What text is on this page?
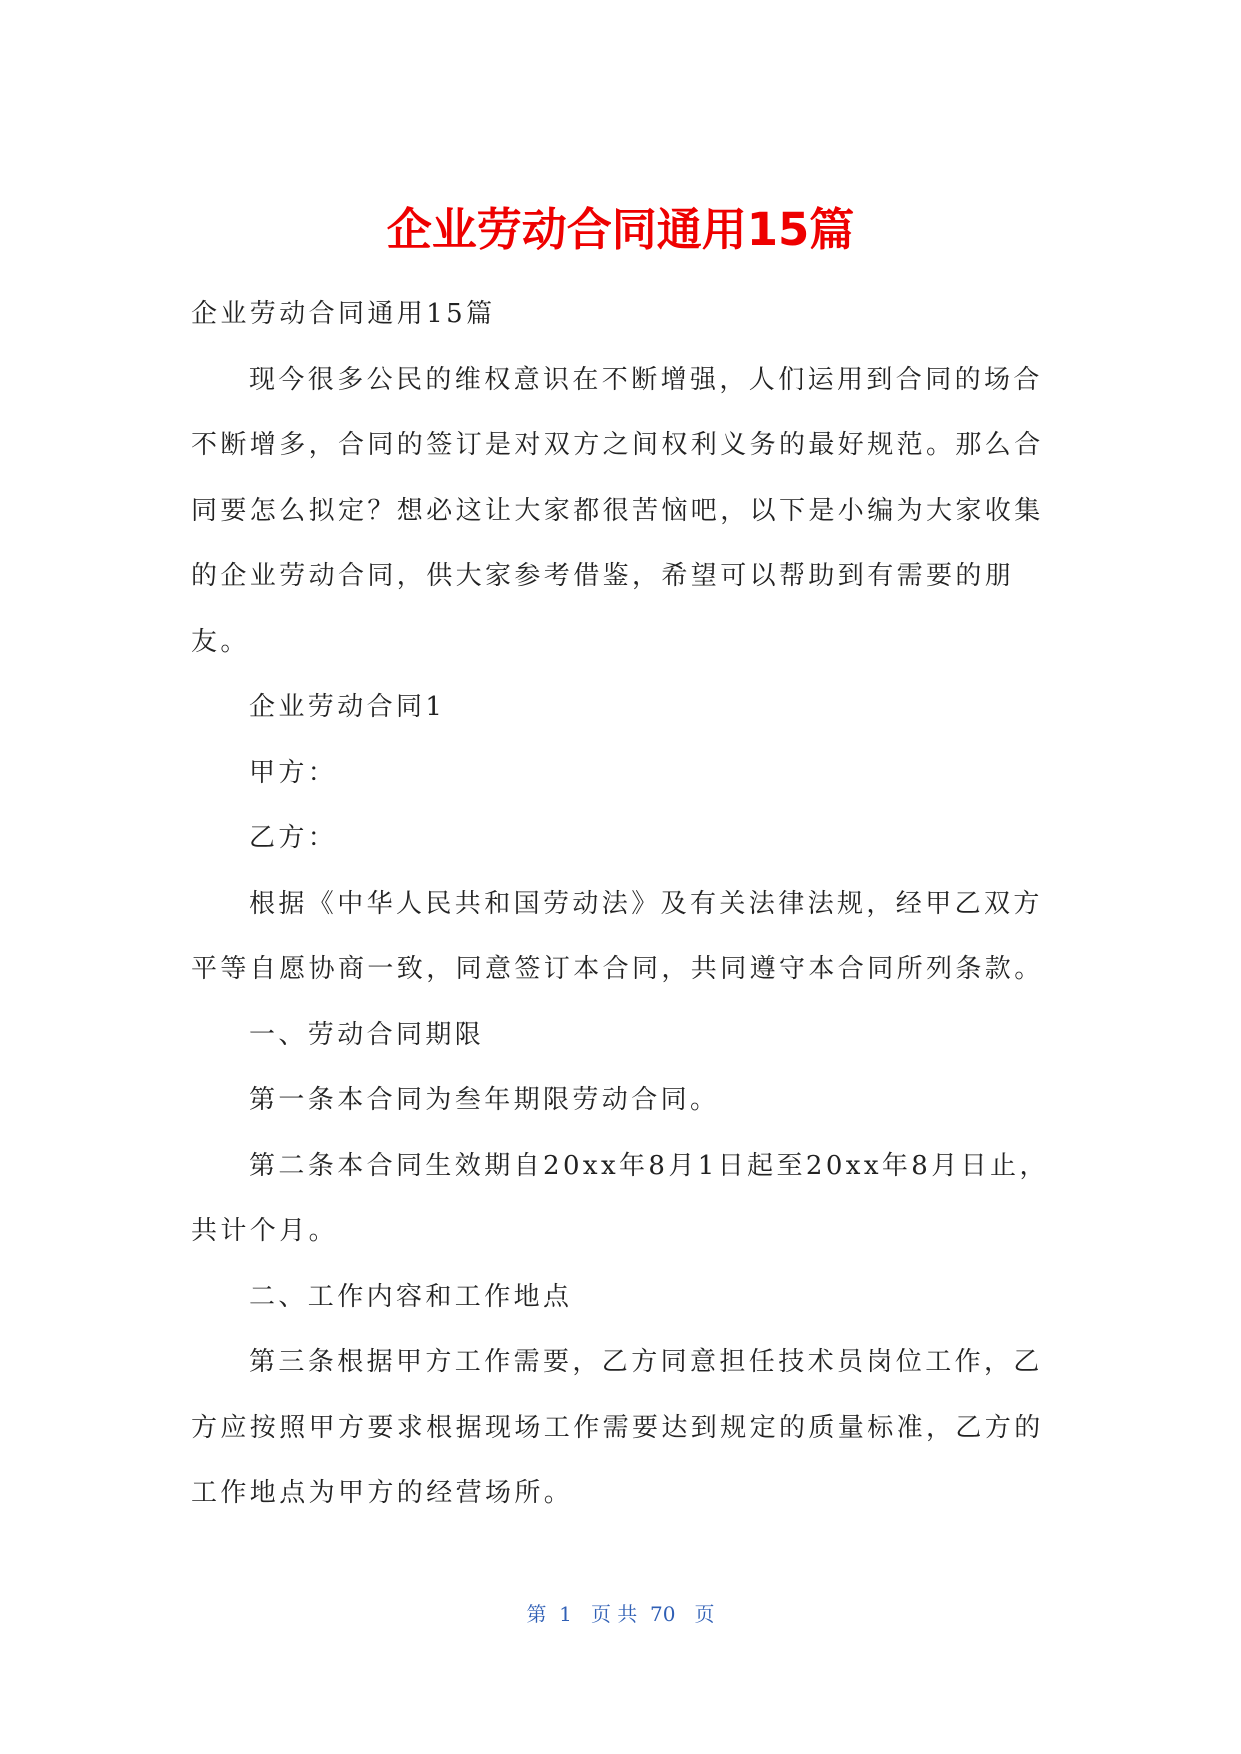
企业劳动合同通用15篇

企业劳动合同通用15篇

现今很多公民的维权意识在不断增强，人们运用到合同的场合不断增多，合同的签订是对双方之间权利义务的最好规范。那么合同要怎么拟定？想必这让大家都很苦恼吧，以下是小编为大家收集的企业劳动合同，供大家参考借鉴，希望可以帮助到有需要的朋友。

企业劳动合同1

甲方：

乙方：

根据《中华人民共和国劳动法》及有关法律法规，经甲乙双方平等自愿协商一致，同意签订本合同，共同遵守本合同所列条款。

一、劳动合同期限

第一条本合同为叁年期限劳动合同。

第二条本合同生效期自20xx年8月1日起至20xx年8月日止，共计个月。

二、工作内容和工作地点

第三条根据甲方工作需要，乙方同意担任技术员岗位工作，乙方应按照甲方要求根据现场工作需要达到规定的质量标准，乙方的工作地点为甲方的经营场所。

第  1   页 共  70   页
